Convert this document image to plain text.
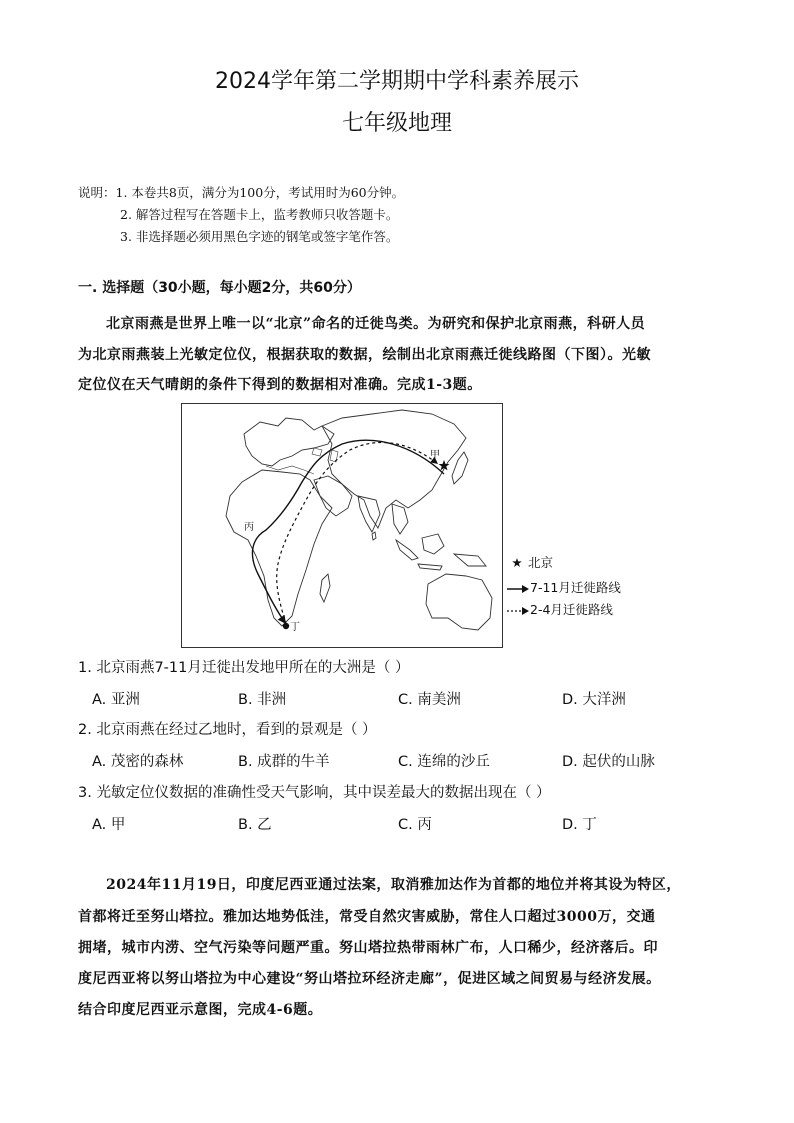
2024学年第二学期期中学科素养展示
七年级地理
说明：1. 本卷共8页，满分为100分，考试用时为60分钟。
2. 解答过程写在答题卡上，监考教师只收答题卡。
3. 非选择题必须用黑色字迹的钢笔或签字笔作答。
一. 选择题（30小题，每小题2分，共60分）
北京雨燕是世界上唯一以“北京”命名的迁徙鸟类。为研究和保护北京雨燕，科研人员
为北京雨燕装上光敏定位仪，根据获取的数据，绘制出北京雨燕迁徙线路图（下图）。光敏
定位仪在天气晴朗的条件下得到的数据相对准确。完成1-3题。
甲
丙
丁
★ 北京
7-11月迁徙路线
2-4月迁徙路线
1. 北京雨燕7-11月迁徙出发地甲所在的大洲是（ ）
A. 亚洲	B. 非洲	C. 南美洲	D. 大洋洲
2. 北京雨燕在经过乙地时，看到的景观是（ ）
A. 茂密的森林	B. 成群的牛羊	C. 连绵的沙丘	D. 起伏的山脉
3. 光敏定位仪数据的准确性受天气影响，其中误差最大的数据出现在（ ）
A. 甲	B. 乙	C. 丙	D. 丁
2024年11月19日，印度尼西亚通过法案，取消雅加达作为首都的地位并将其设为特区，
首都将迁至努山塔拉。雅加达地势低洼，常受自然灾害威胁，常住人口超过3000万，交通
拥堵，城市内涝、空气污染等问题严重。努山塔拉热带雨林广布，人口稀少，经济落后。印
度尼西亚将以努山塔拉为中心建设“努山塔拉环经济走廊”，促进区域之间贸易与经济发展。
结合印度尼西亚示意图，完成4-6题。
